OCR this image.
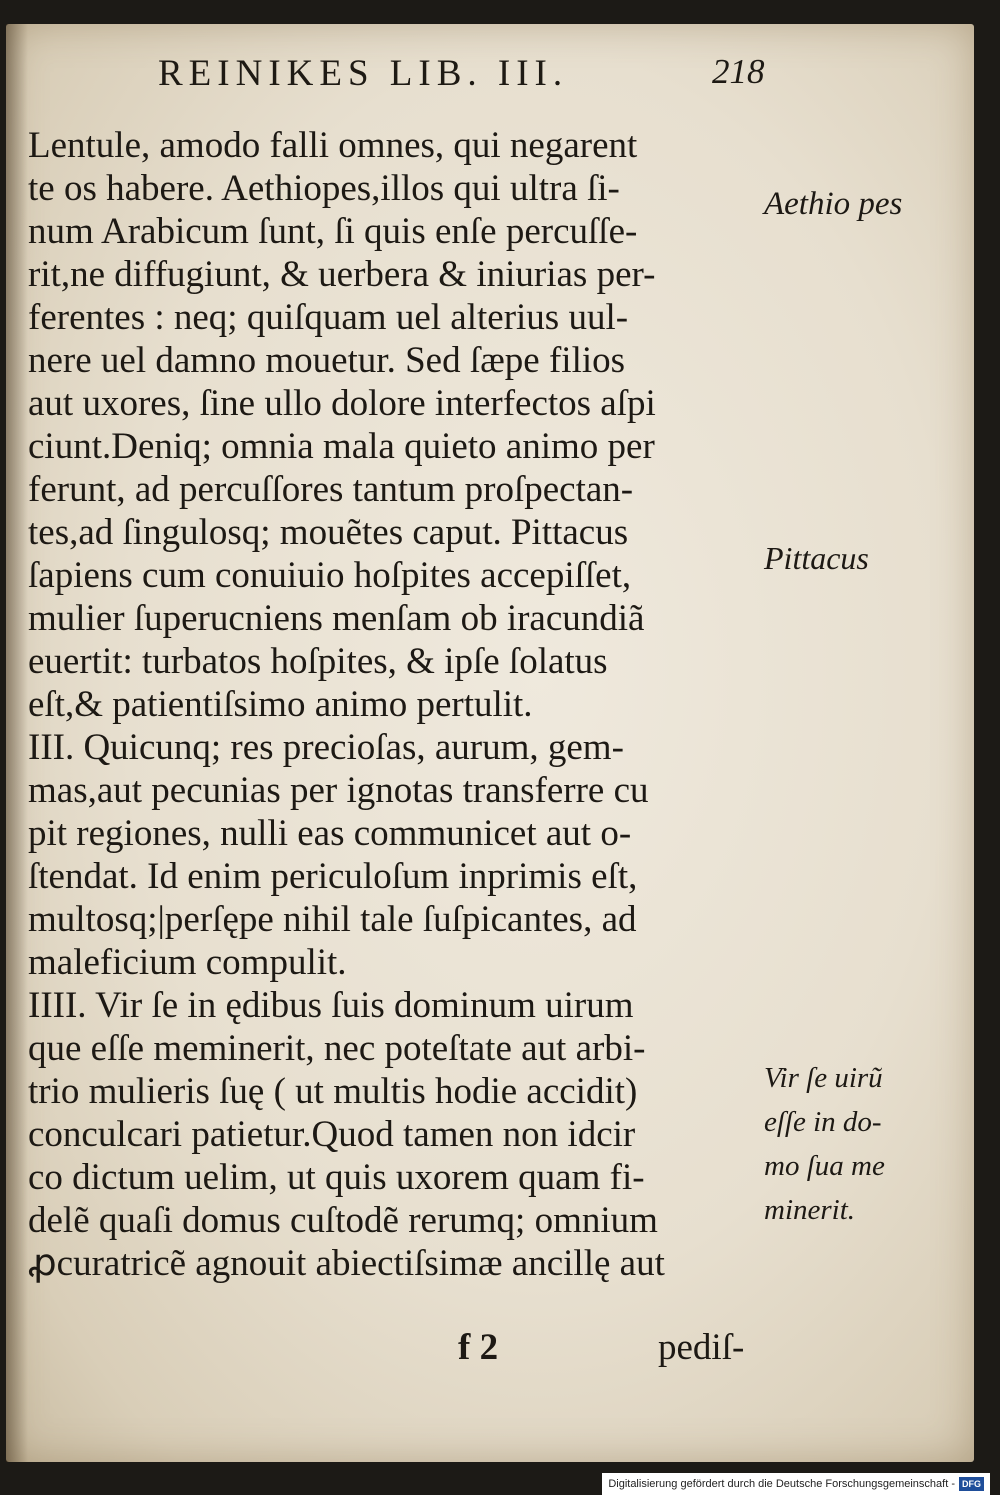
REINIKES LIB. III.	218
Lentule, amodo falli omnes, qui negarent
te os habere. Aethiopes,illos qui ultra ſi-
num Arabicum ſunt, ſi quis enſe percuſſe-
rit,ne diffugiunt, & uerbera & iniurias per-
ferentes : neq; quiſquam uel alterius uul-
nere uel damno mouetur. Sed ſæpe filios
aut uxores, ſine ullo dolore interfectos aſpi
ciunt.Deniq; omnia mala quieto animo per
ferunt, ad percuſſores tantum proſpectan-
tes,ad ſingulosq; mouẽtes caput. Pittacus
ſapiens cum conuiuio hoſpites accepiſſet,
mulier ſuperucniens menſam ob iracundiã
euertit: turbatos hoſpites, & ipſe ſolatus
eſt,& patientiſsimo animo pertulit.
III. Quicunq; res precioſas, aurum, gem-
mas,aut pecunias per ignotas transferre cu
pit regiones, nulli eas communicet aut o-
ſtendat. Id enim periculoſum inprimis eſt,
multosq;|perſępe nihil tale ſuſpicantes, ad
maleficium compulit.
IIII. Vir ſe in ędibus ſuis dominum uirum
que eſſe meminerit, nec poteſtate aut arbi-
trio mulieris ſuę ( ut multis hodie accidit)
conculcari patietur.Quod tamen non idcir
co dictum uelim, ut quis uxorem quam fi-
delẽ quaſi domus cuſtodẽ rerumq; omnium
ꝓcuratricẽ agnouit abiectiſsimæ ancillę aut
Aethio pes
Pittacus
Vir ſe uirũ
eſſe in do-
mo ſua me
minerit.
f 2	pediſ-
Digitalisierung gefördert durch die Deutsche Forschungsgemeinschaft - DFG
